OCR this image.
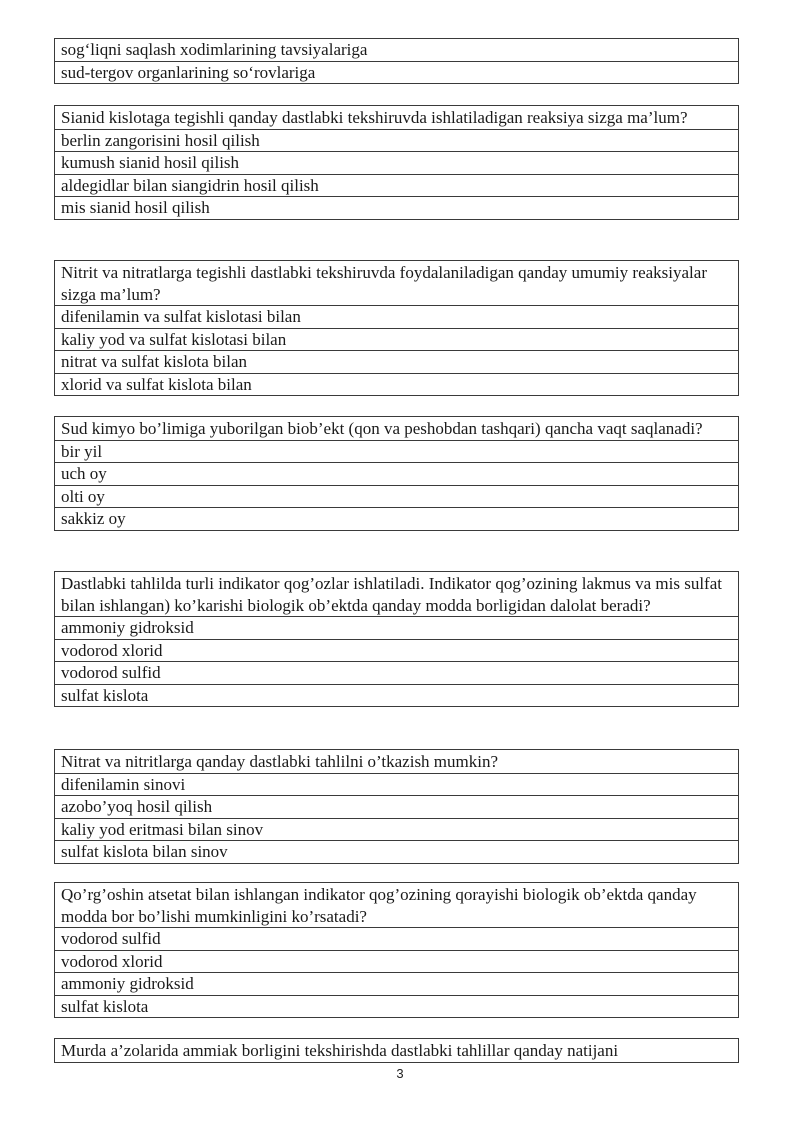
sog‘liqni saqlash xodimlarining tavsiyalariga
sud-tergov organlarining so‘rovlariga
Sianid kislotaga tegishli qanday dastlabki tekshiruvda ishlatiladigan reaksiya sizga ma’lum?
berlin zangorisini hosil qilish
kumush sianid hosil qilish
aldegidlar bilan siangidrin hosil qilish
mis sianid hosil qilish
Nitrit va nitratlarga tegishli dastlabki tekshiruvda foydalaniladigan qanday umumiy reaksiyalar sizga ma’lum?
difenilamin va sulfat kislotasi bilan
kaliy yod va sulfat kislotasi bilan
nitrat va sulfat kislota bilan
xlorid va sulfat kislota bilan
Sud kimyo bo’limiga yuborilgan biob’ekt (qon va peshobdan tashqari) qancha vaqt saqlanadi?
bir yil
uch oy
olti oy
sakkiz oy
Dastlabki tahlilda turli indikator qog’ozlar ishlatiladi. Indikator qog’ozining lakmus va mis sulfat bilan ishlangan) ko’karishi biologik ob’ektda qanday modda borligidan dalolat beradi?
ammoniy gidroksid
vodorod xlorid
vodorod sulfid
sulfat kislota
Nitrat va nitritlarga qanday dastlabki tahlilni o’tkazish mumkin?
difenilamin sinovi
azobo’yoq hosil qilish
kaliy yod eritmasi bilan sinov
sulfat kislota bilan sinov
Qo’rg’oshin atsetat bilan ishlangan indikator qog’ozining qorayishi biologik ob’ektda qanday modda bor bo’lishi mumkinligini ko’rsatadi?
vodorod sulfid
vodorod xlorid
ammoniy gidroksid
sulfat kislota
Murda a’zolarida ammiak borligini tekshirishda dastlabki tahlillar qanday natijani
3
